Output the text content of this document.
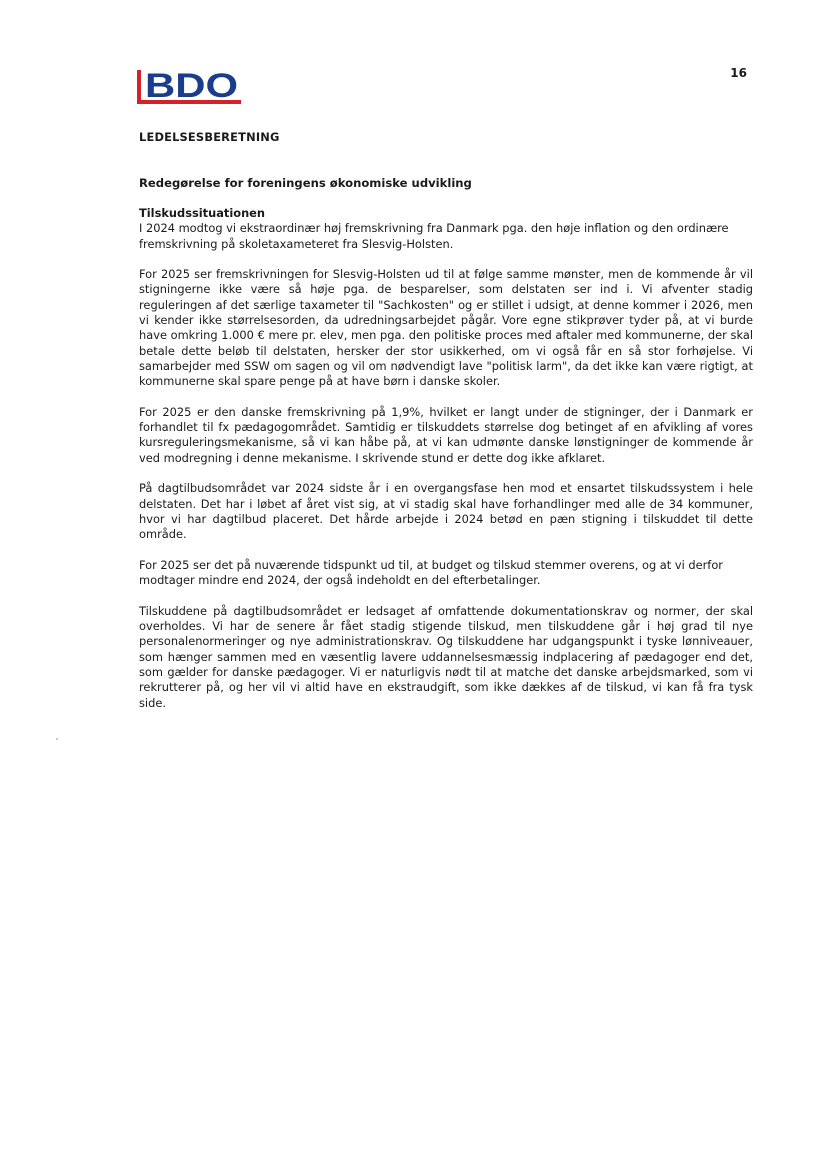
BDO	16
LEDELSESBERETNING
Redegørelse for foreningens økonomiske udvikling
Tilskudssituationen

I 2024 modtog vi ekstraordinær høj fremskrivning fra Danmark pga. den høje inflation og den ordinære fremskrivning på skoletaxameteret fra Slesvig-Holsten.

For 2025 ser fremskrivningen for Slesvig-Holsten ud til at følge samme mønster, men de kommende år vil stigningerne ikke være så høje pga. de besparelser, som delstaten ser ind i. Vi afventer stadig reguleringen af det særlige taxameter til "Sachkosten" og er stillet i udsigt, at denne kommer i 2026, men vi kender ikke størrelsesorden, da udredningsarbejdet pågår. Vore egne stikprøver tyder på, at vi burde have omkring 1.000 € mere pr. elev, men pga. den politiske proces med aftaler med kommunerne, der skal betale dette beløb til delstaten, hersker der stor usikkerhed, om vi også får en så stor forhøjelse. Vi samarbejder med SSW om sagen og vil om nødvendigt lave "politisk larm", da det ikke kan være rigtigt, at kommunerne skal spare penge på at have børn i danske skoler.

For 2025 er den danske fremskrivning på 1,9%, hvilket er langt under de stigninger, der i Danmark er forhandlet til fx pædagogområdet. Samtidig er tilskuddets størrelse dog betinget af en afvikling af vores kursreguleringsmekanisme, så vi kan håbe på, at vi kan udmønte danske lønstigninger de kommende år ved modregning i denne mekanisme. I skrivende stund er dette dog ikke afklaret.

På dagtilbudsområdet var 2024 sidste år i en overgangsfase hen mod et ensartet tilskudssystem i hele delstaten. Det har i løbet af året vist sig, at vi stadig skal have forhandlinger med alle de 34 kommuner, hvor vi har dagtilbud placeret. Det hårde arbejde i 2024 betød en pæn stigning i tilskuddet til dette område.

For 2025 ser det på nuværende tidspunkt ud til, at budget og tilskud stemmer overens, og at vi derfor modtager mindre end 2024, der også indeholdt en del efterbetalinger.

Tilskuddene på dagtilbudsområdet er ledsaget af omfattende dokumentationskrav og normer, der skal overholdes. Vi har de senere år fået stadig stigende tilskud, men tilskuddene går i høj grad til nye personalenormeringer og nye administrationskrav. Og tilskuddene har udgangspunkt i tyske lønniveauer, som hænger sammen med en væsentlig lavere uddannelsesmæssig indplacering af pædagoger end det, som gælder for danske pædagoger. Vi er naturligvis nødt til at matche det danske arbejdsmarked, som vi rekrutterer på, og her vil vi altid have en ekstraudgift, som ikke dækkes af de tilskud, vi kan få fra tysk side.
